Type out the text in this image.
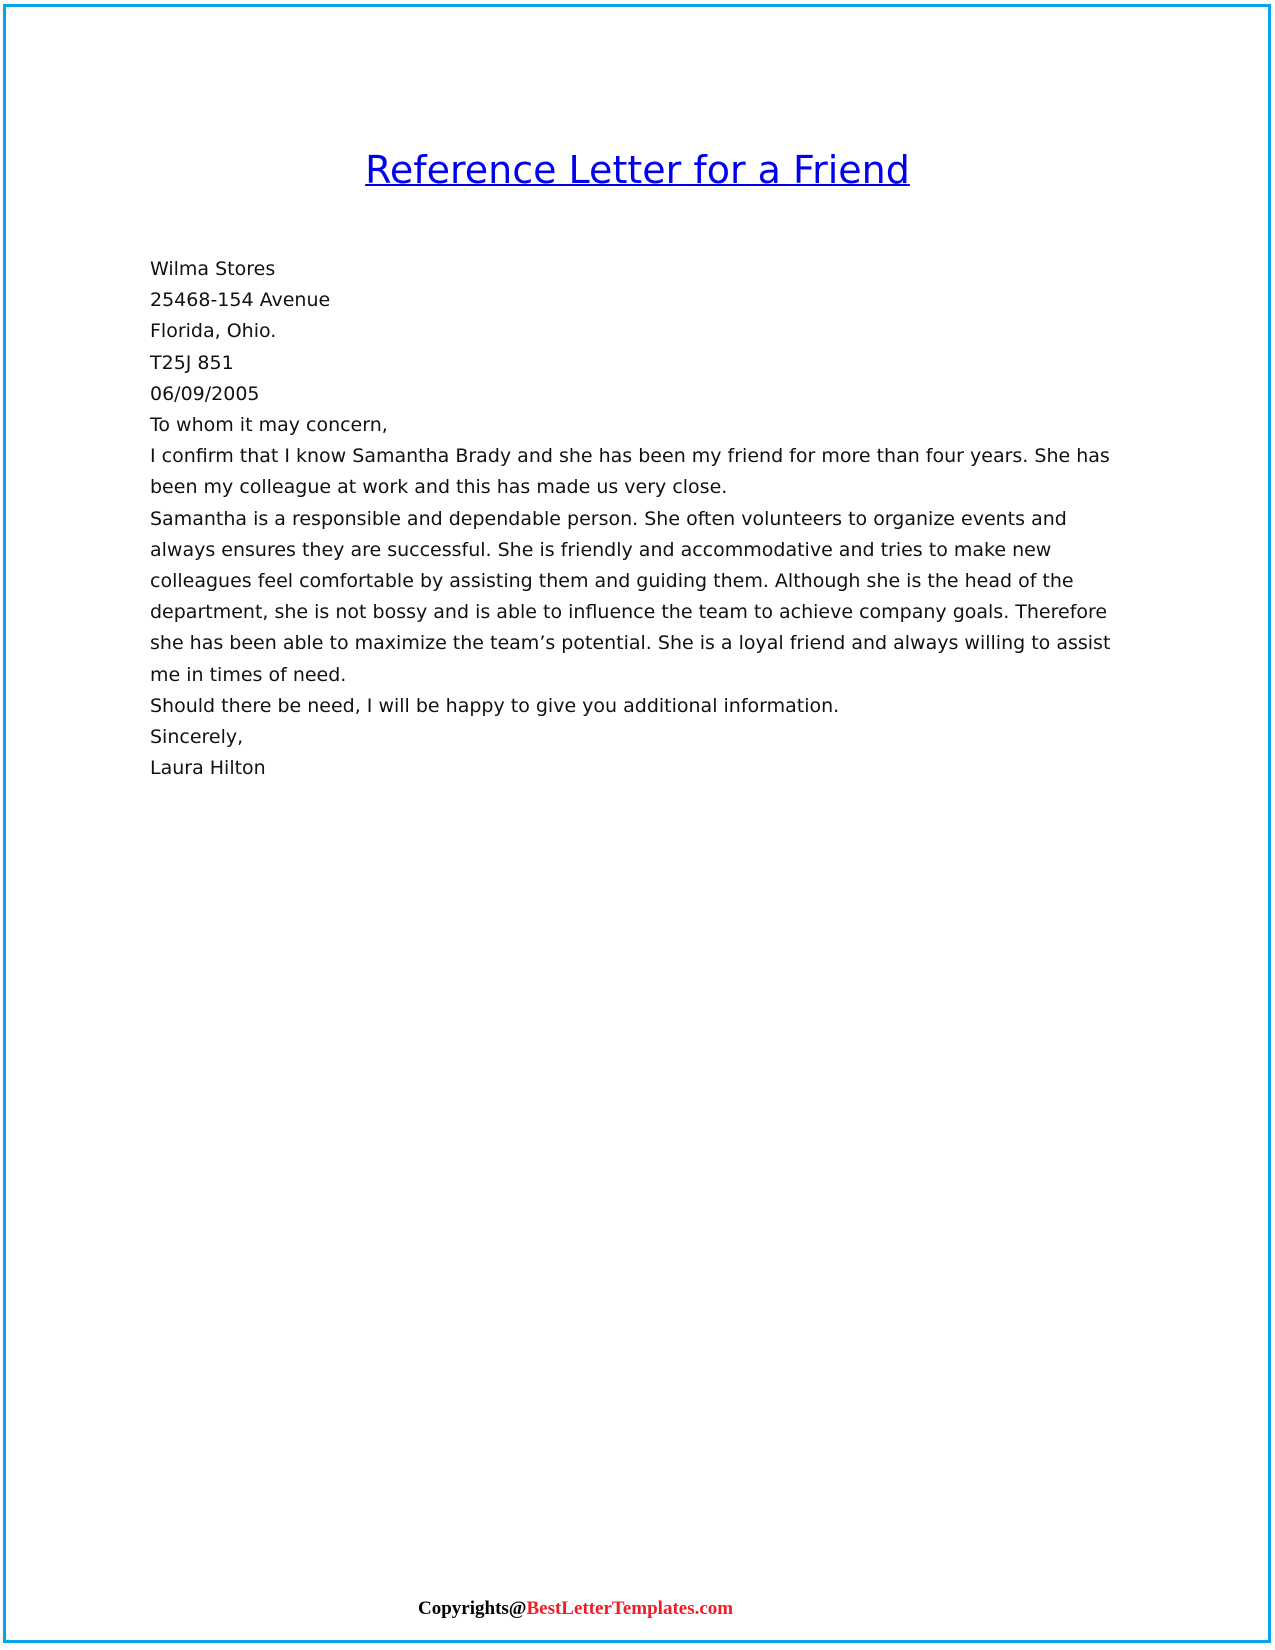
Reference Letter for a Friend

Wilma Stores

25468-154 Avenue

Florida, Ohio.

T25J 851

06/09/2005

To whom it may concern,

I confirm that I know Samantha Brady and she has been my friend for more than four years. She has been my colleague at work and this has made us very close.

Samantha is a responsible and dependable person. She often volunteers to organize events and always ensures they are successful. She is friendly and accommodative and tries to make new colleagues feel comfortable by assisting them and guiding them. Although she is the head of the department, she is not bossy and is able to influence the team to achieve company goals. Therefore she has been able to maximize the team’s potential. She is a loyal friend and always willing to assist me in times of need.

Should there be need, I will be happy to give you additional information.

Sincerely,

Laura Hilton

Copyrights@BestLetterTemplates.com
